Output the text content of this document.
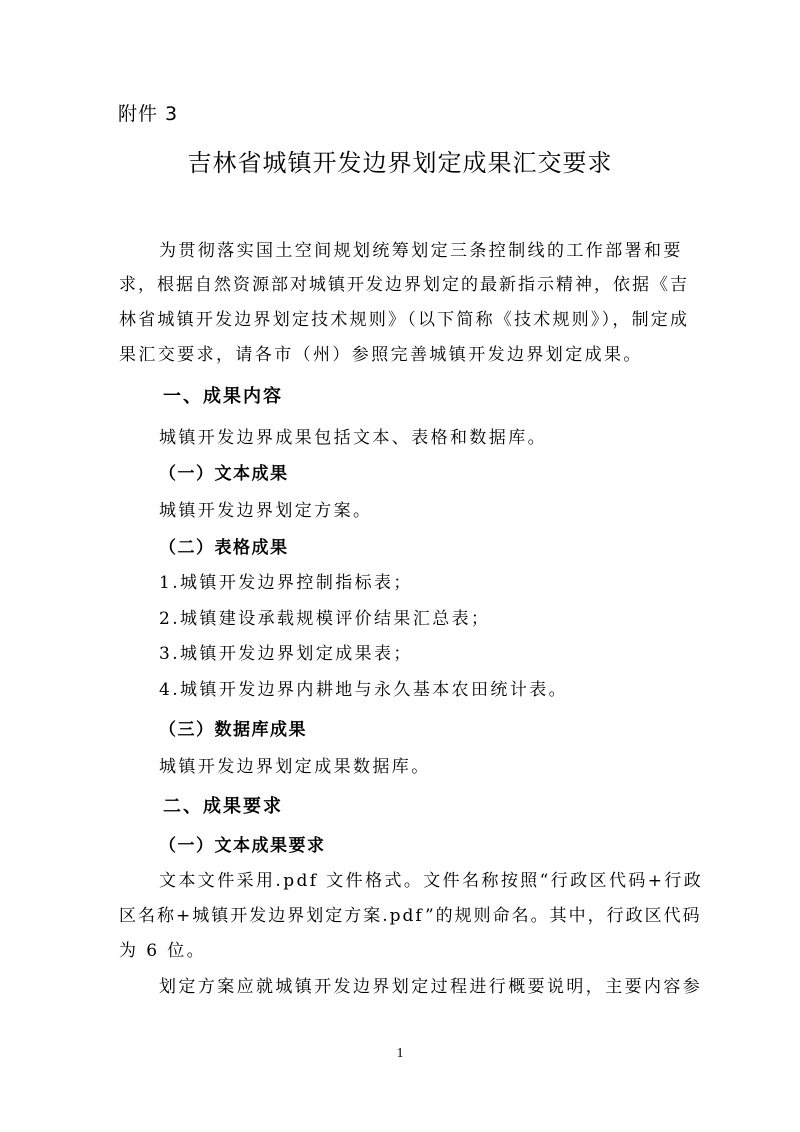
附件 3
吉林省城镇开发边界划定成果汇交要求
为贯彻落实国土空间规划统筹划定三条控制线的工作部署和要
求，根据自然资源部对城镇开发边界划定的最新指示精神，依据《吉
林省城镇开发边界划定技术规则》（以下简称《技术规则》），制定成
果汇交要求，请各市（州）参照完善城镇开发边界划定成果。
一、成果内容
城镇开发边界成果包括文本、表格和数据库。
（一）文本成果
城镇开发边界划定方案。
（二）表格成果
1.城镇开发边界控制指标表；
2.城镇建设承载规模评价结果汇总表；
3.城镇开发边界划定成果表；
4.城镇开发边界内耕地与永久基本农田统计表。
（三）数据库成果
城镇开发边界划定成果数据库。
二、成果要求
（一）文本成果要求
文本文件采用.pdf 文件格式。文件名称按照“行政区代码+行政
区名称+城镇开发边界划定方案.pdf”的规则命名。其中，行政区代码
为 6 位。
划定方案应就城镇开发边界划定过程进行概要说明，主要内容参
1
